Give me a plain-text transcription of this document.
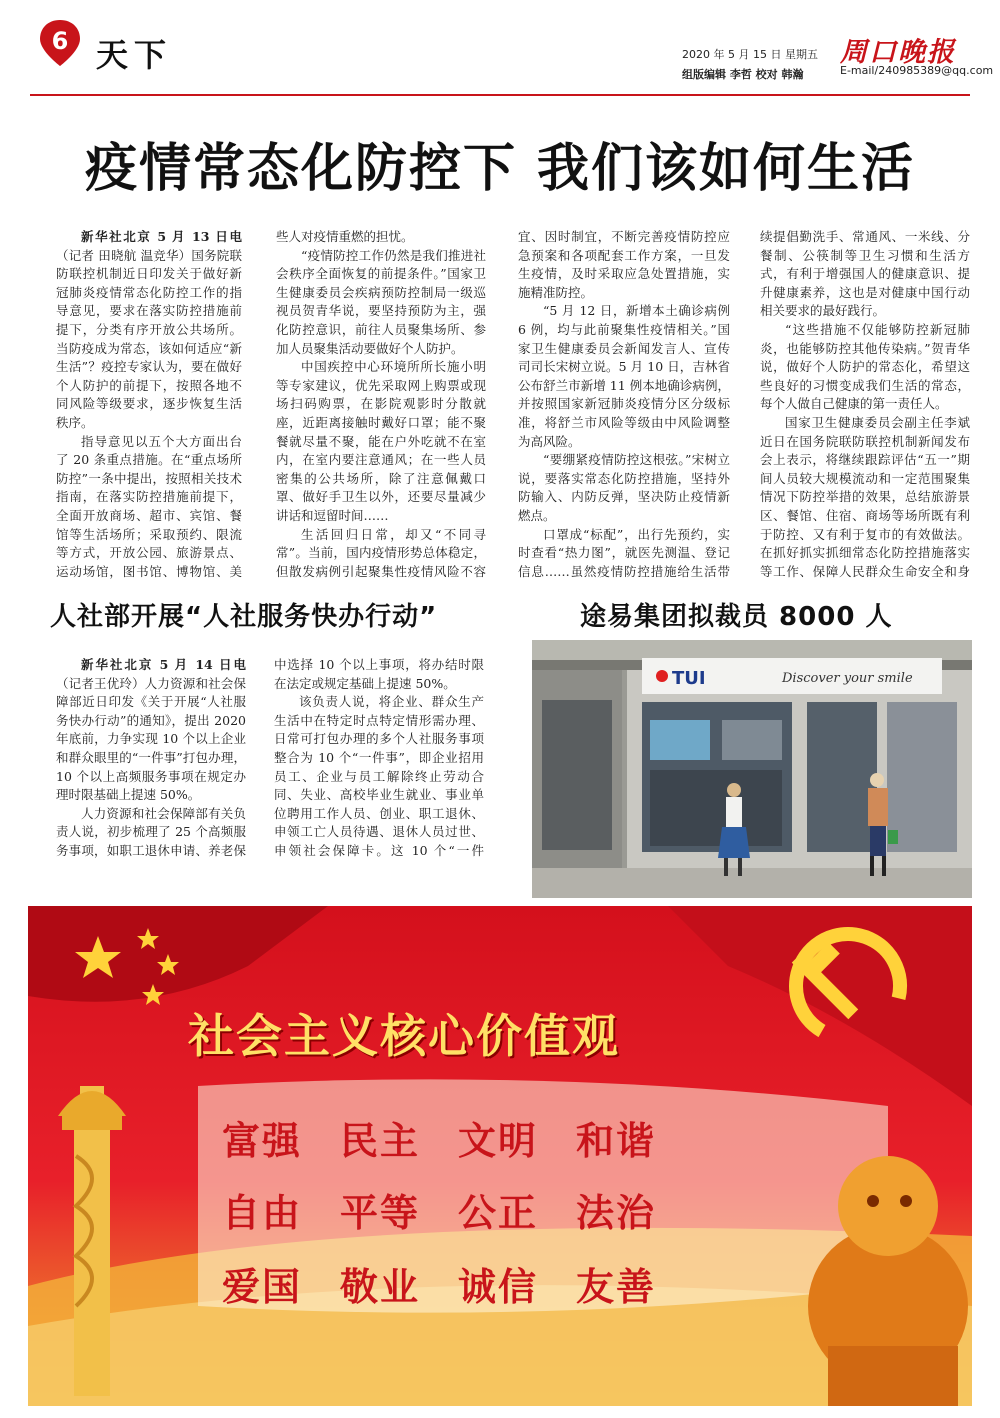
6 天下	2020 年 5 月 15 日 星期五
组版编辑 李哲 校对 韩瀚
周口晚报
E-mail/240985389@qq.com
疫情常态化防控下 我们该如何生活

新华社北京 5 月 13 日电（记者 田晓航 温竞华）国务院联防联控机制近日印发关于做好新冠肺炎疫情常态化防控工作的指导意见，要求在落实防控措施前提下，分类有序开放公共场所。当防疫成为常态，该如何适应“新生活”？疫控专家认为，要在做好个人防护的前提下，按照各地不同风险等级要求，逐步恢复生活秩序。

指导意见以五个大方面出台了 20 条重点措施。在“重点场所防控”一条中提出，按照相关技术指南，在落实防控措施前提下，全面开放商场、超市、宾馆、餐馆等生活场所；采取预约、限流等方式，开放公园、旅游景点、运动场馆，图书馆、博物馆、美

些人对疫情重燃的担忧。

“疫情防控工作仍然是我们推进社会秩序全面恢复的前提条件。”国家卫生健康委员会疾病预防控制局一级巡视员贺青华说，要坚持预防为主，强化防控意识，前往人员聚集场所、参加人员聚集活动要做好个人防护。

中国疾控中心环境所所长施小明等专家建议，优先采取网上购票或现场扫码购票，在影院观影时分散就座，近距离接触时戴好口罩；能不聚餐就尽量不聚，能在户外吃就不在室内，在室内要注意通风；在一些人员密集的公共场所，除了注意佩戴口罩、做好手卫生以外，还要尽量减少讲话和逗留时间……

生活回归日常，却又“不同寻常”。当前，国内疫情形势总体稳定，但散发病例引起聚集性疫情风险不容

宜、因时制宜，不断完善疫情防控应急预案和各项配套工作方案，一旦发生疫情，及时采取应急处置措施，实施精准防控。

“5 月 12 日，新增本土确诊病例 6 例，均与此前聚集性疫情相关。”国家卫生健康委员会新闻发言人、宣传司司长宋树立说。5 月 10 日，吉林省公布舒兰市新增 11 例本地确诊病例，并按照国家新冠肺炎疫情分区分级标准，将舒兰市风险等级由中风险调整为高风险。

“要绷紧疫情防控这根弦。”宋树立说，要落实常态化防控措施，坚持外防输入、内防反弹，坚决防止疫情新燃点。

口罩成“标配”，出行先预约，实时查看“热力图”，就医先测温、登记信息……虽然疫情防控措施给生活带

续提倡勤洗手、常通风、一米线、分餐制、公筷制等卫生习惯和生活方式，有利于增强国人的健康意识、提升健康素养，这也是对健康中国行动相关要求的最好践行。

“这些措施不仅能够防控新冠肺炎，也能够防控其他传染病。”贺青华说，做好个人防护的常态化，希望这些良好的习惯变成我们生活的常态，每个人做自己健康的第一责任人。

国家卫生健康委员会副主任李斌近日在国务院联防联控机制新闻发布会上表示，将继续跟踪评估“五一”期间人员较大规模流动和一定范围聚集情况下防控举措的效果，总结旅游景区、餐馆、住宿、商场等场所既有利于防控、又有利于复市的有效做法。在抓好抓实抓细常态化防控措施落实等工作、保障人民群众生命安全和身

人社部开展“人社服务快办行动”	途易集团拟裁员 8000 人

新华社北京 5 月 14 日电（记者王优玲）人力资源和社会保障部近日印发《关于开展“人社服务快办行动”的通知》，提出 2020 年底前，力争实现 10 个以上企业和群众眼里的“一件事”打包办理，10 个以上高频服务事项在规定办理时限基础上提速 50%。

人力资源和社会保障部有关负责人说，初步梳理了 25 个高频服务事项，如职工退休申请、养老保

中选择 10 个以上事项，将办结时限在法定或规定基础上提速 50%。

该负责人说，将企业、群众生产生活中在特定时点特定情形需办理、日常可打包办理的多个人社服务事项整合为 10 个“一件事”，即企业招用员工、企业与员工解除终止劳动合同、失业、高校毕业生就业、事业单位聘用工作人员、创业、职工退休、申领工亡人员待遇、退休人员过世、申领社会保障卡。这 10 个“一件

TUI	Discover your smile
社会主义核心价值观
富强 民主 文明 和谐
自由 平等 公正 法治
爱国 敬业 诚信 友善
